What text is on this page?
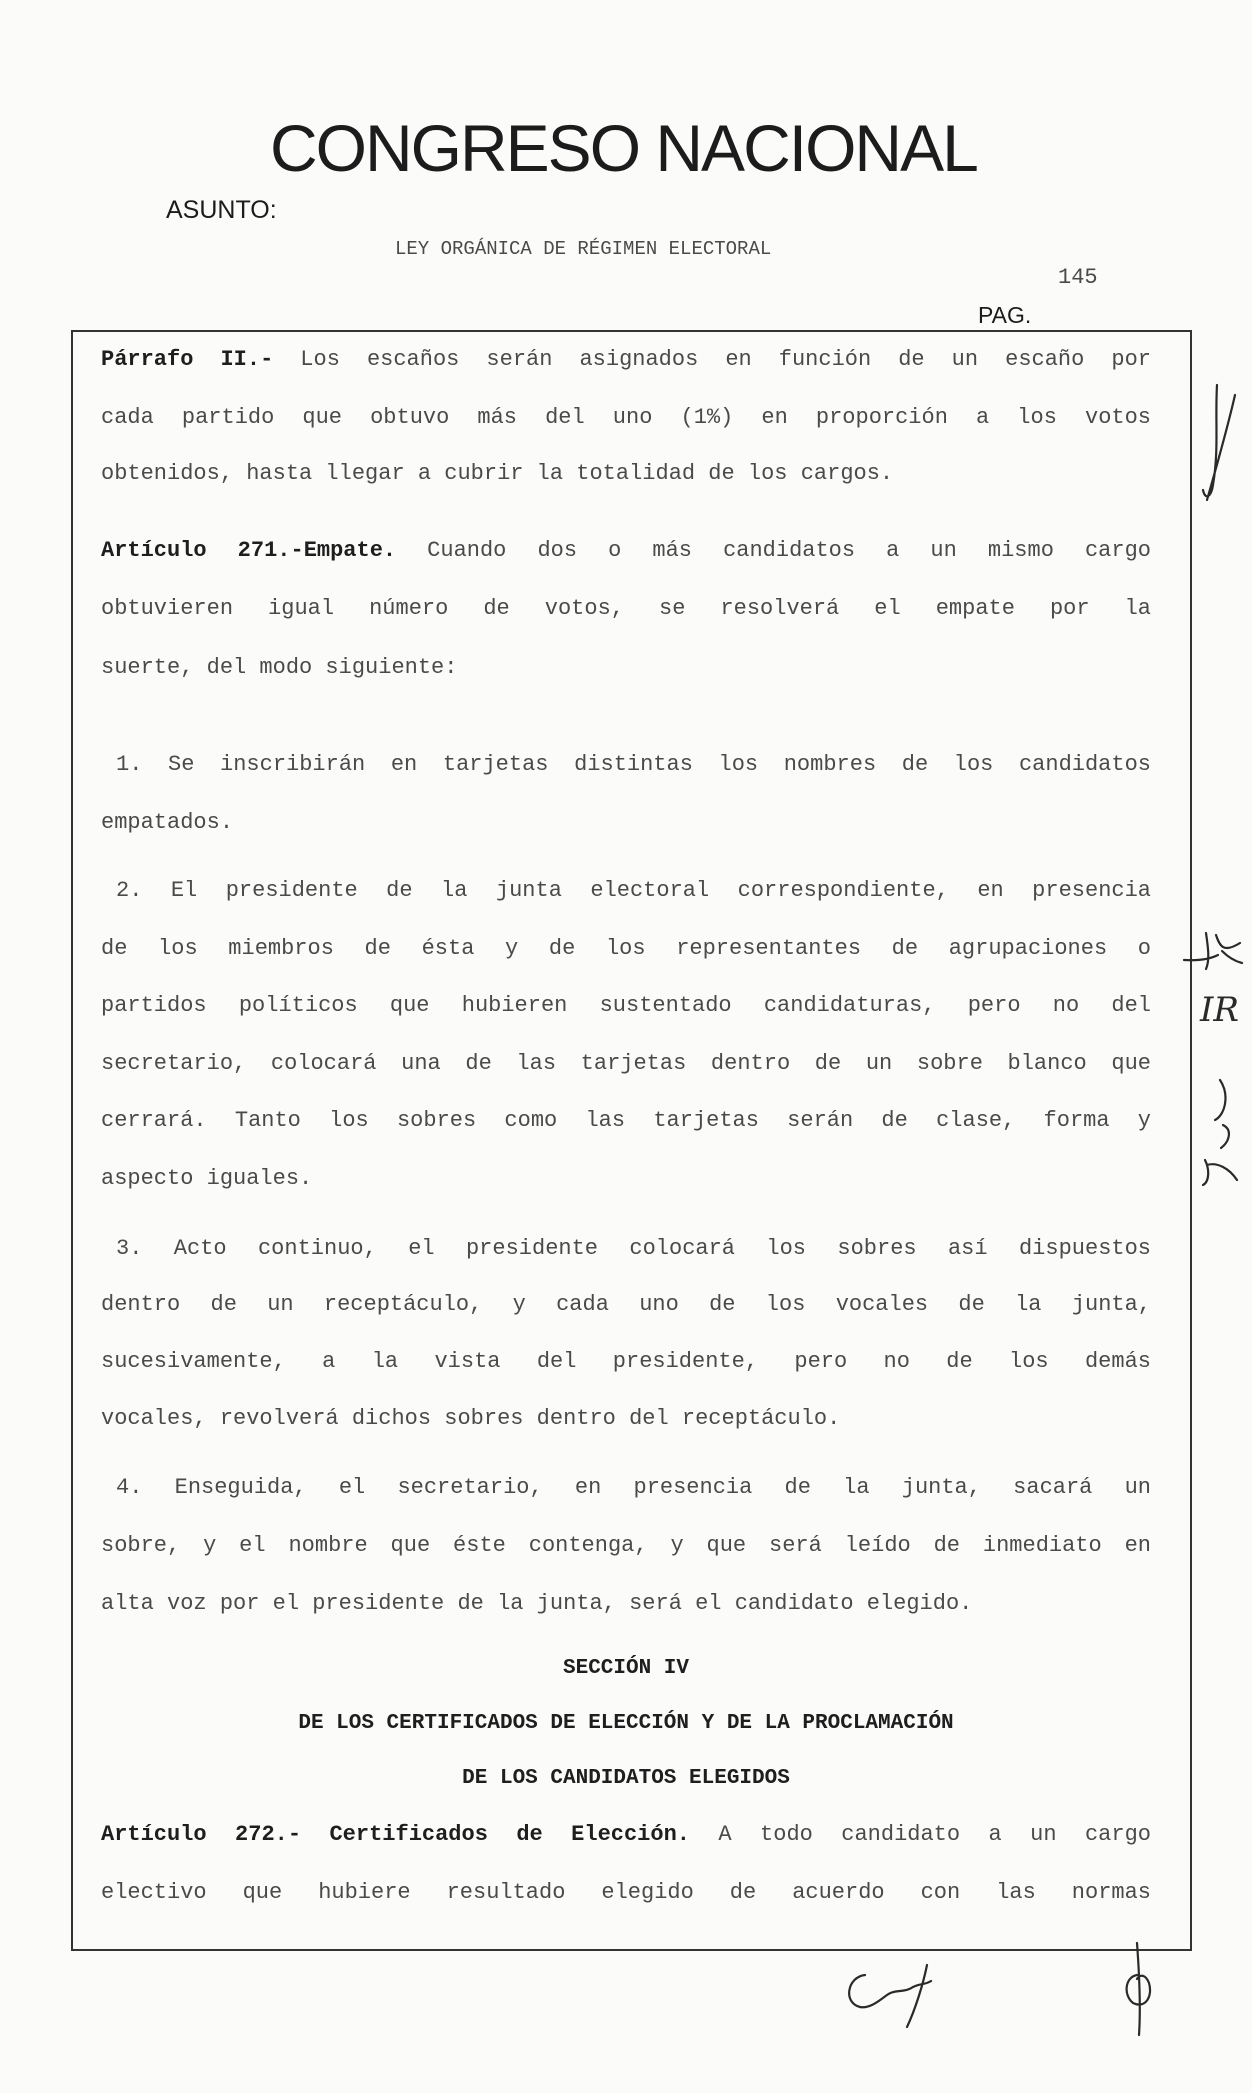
CONGRESO NACIONAL
ASUNTO:
LEY ORGÁNICA DE RÉGIMEN ELECTORAL
145
PAG.
Párrafo II.- Los escaños serán asignados en función de un escaño por
cada partido que obtuvo más del uno (1%) en proporción a los votos
obtenidos, hasta llegar a cubrir la totalidad de los cargos.
Artículo 271.-Empate. Cuando dos o más candidatos a un mismo cargo
obtuvieren igual número de votos, se resolverá el empate por la
suerte, del modo siguiente:
1. Se inscribirán en tarjetas distintas los nombres de los candidatos
empatados.
2. El presidente de la junta electoral correspondiente, en presencia
de los miembros de ésta y de los representantes de agrupaciones o
partidos políticos que hubieren sustentado candidaturas, pero no del
secretario, colocará una de las tarjetas dentro de un sobre blanco que
cerrará. Tanto los sobres como las tarjetas serán de clase, forma y
aspecto iguales.
3. Acto continuo, el presidente colocará los sobres así dispuestos
dentro de un receptáculo, y cada uno de los vocales de la junta,
sucesivamente, a la vista del presidente, pero no de los demás
vocales, revolverá dichos sobres dentro del receptáculo.
4. Enseguida, el secretario, en presencia de la junta, sacará un
sobre, y el nombre que éste contenga, y que será leído de inmediato en
alta voz por el presidente de la junta, será el candidato elegido.
SECCIÓN IV
DE LOS CERTIFICADOS DE ELECCIÓN Y DE LA PROCLAMACIÓN
DE LOS CANDIDATOS ELEGIDOS
Artículo 272.- Certificados de Elección. A todo candidato a un cargo
electivo que hubiere resultado elegido de acuerdo con las normas
IR
